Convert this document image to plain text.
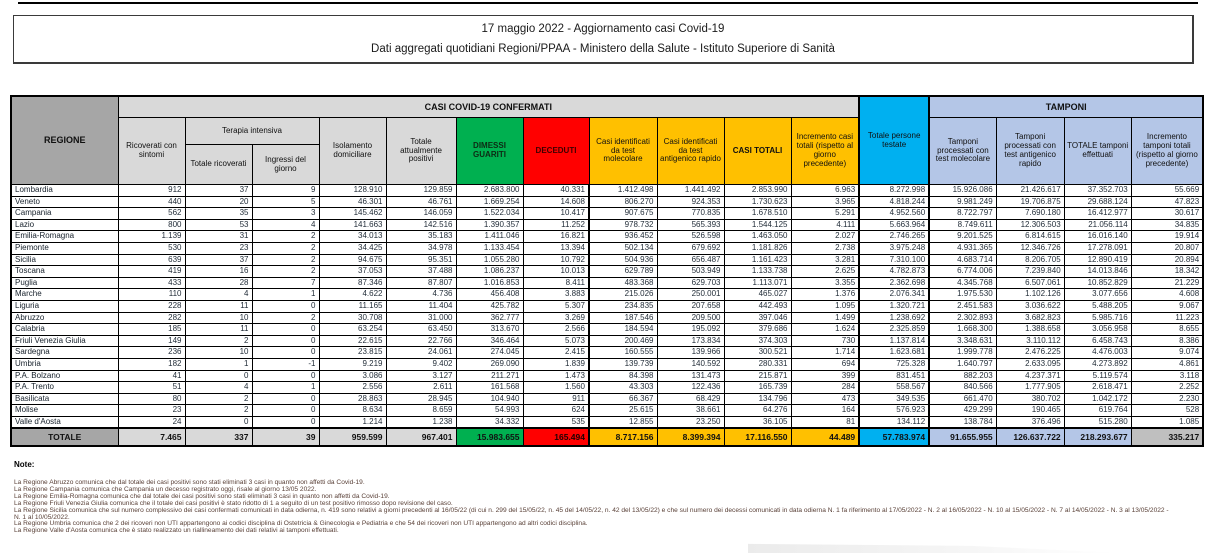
17 maggio 2022 - Aggiornamento casi Covid-19
Dati aggregati quotidiani Regioni/PPAA - Ministero della Salute - Istituto Superiore di Sanità
REGIONE	CASI COVID-19 CONFERMATI											Totale persone testate	TAMPONI			
	Ricoverati con sintomi	Terapia intensiva		Isolamento domiciliare	Totale attualmente positivi	DIMESSI GUARITI	DECEDUTI	Casi identificati da test molecolare	Casi identificati da test antigenico rapido	CASI TOTALI	Incremento casi totali (rispetto al giorno precedente)		Tamponi processati con test molecolare	Tamponi processati con test antigenico rapido	TOTALE tamponi effettuati	Incremento tamponi totali (rispetto al giorno precedente)
		Totale ricoverati	Ingressi del giorno													
Lombardia	912	37	9	128.910	129.859	2.683.800	40.331	1.412.498	1.441.492	2.853.990	6.963	8.272.998	15.926.086	21.426.617	37.352.703	55.669
Veneto	440	20	5	46.301	46.761	1.669.254	14.608	806.270	924.353	1.730.623	3.965	4.818.244	9.981.249	19.706.875	29.688.124	47.823
Campania	562	35	3	145.462	146.059	1.522.034	10.417	907.675	770.835	1.678.510	5.291	4.952.560	8.722.797	7.690.180	16.412.977	30.617
Lazio	800	53	4	141.663	142.516	1.390.357	11.252	978.732	565.393	1.544.125	4.111	5.663.964	8.749.611	12.306.503	21.056.114	34.835
Emilia-Romagna	1.139	31	2	34.013	35.183	1.411.046	16.821	936.452	526.598	1.463.050	2.027	2.746.265	9.201.525	6.814.615	16.016.140	19.914
Piemonte	530	23	2	34.425	34.978	1.133.454	13.394	502.134	679.692	1.181.826	2.738	3.975.248	4.931.365	12.346.726	17.278.091	20.807
Sicilia	639	37	2	94.675	95.351	1.055.280	10.792	504.936	656.487	1.161.423	3.281	7.310.100	4.683.714	8.206.705	12.890.419	20.894
Toscana	419	16	2	37.053	37.488	1.086.237	10.013	629.789	503.949	1.133.738	2.625	4.782.873	6.774.006	7.239.840	14.013.846	18.342
Puglia	433	28	7	87.346	87.807	1.016.853	8.411	483.368	629.703	1.113.071	3.355	2.362.698	4.345.768	6.507.061	10.852.829	21.229
Marche	110	4	1	4.622	4.736	456.408	3.883	215.026	250.001	465.027	1.376	2.076.341	1.975.530	1.102.126	3.077.656	4.608
Liguria	228	11	0	11.165	11.404	425.782	5.307	234.835	207.658	442.493	1.095	1.320.721	2.451.583	3.036.622	5.488.205	9.067
Abruzzo	282	10	2	30.708	31.000	362.777	3.269	187.546	209.500	397.046	1.499	1.238.692	2.302.893	3.682.823	5.985.716	11.223
Calabria	185	11	0	63.254	63.450	313.670	2.566	184.594	195.092	379.686	1.624	2.325.859	1.668.300	1.388.658	3.056.958	8.655
Friuli Venezia Giulia	149	2	0	22.615	22.766	346.464	5.073	200.469	173.834	374.303	730	1.137.814	3.348.631	3.110.112	6.458.743	8.386
Sardegna	236	10	0	23.815	24.061	274.045	2.415	160.555	139.966	300.521	1.714	1.623.681	1.999.778	2.476.225	4.476.003	9.074
Umbria	182	1	-1	9.219	9.402	269.090	1.839	139.739	140.592	280.331	694	725.328	1.640.797	2.633.095	4.273.892	4.861
P.A. Bolzano	41	0	0	3.086	3.127	211.271	1.473	84.398	131.473	215.871	399	831.451	882.203	4.237.371	5.119.574	3.118
P.A. Trento	51	4	1	2.556	2.611	161.568	1.560	43.303	122.436	165.739	284	558.567	840.566	1.777.905	2.618.471	2.252
Basilicata	80	2	0	28.863	28.945	104.940	911	66.367	68.429	134.796	473	349.535	661.470	380.702	1.042.172	2.230
Molise	23	2	0	8.634	8.659	54.993	624	25.615	38.661	64.276	164	576.923	429.299	190.465	619.764	528
Valle d'Aosta	24	0	0	1.214	1.238	34.332	535	12.855	23.250	36.105	81	134.112	138.784	376.496	515.280	1.085
TOTALE	7.465	337	39	959.599	967.401	15.983.655	165.494	8.717.156	8.399.394	17.116.550	44.489	57.783.974	91.655.955	126.637.722	218.293.677	335.217
Note:
La Regione Abruzzo comunica che dal totale dei casi positivi sono stati eliminati 3 casi in quanto non affetti da Covid-19.
La Regione Campania comunica che Campania un decesso registrato oggi, risale al giorno 13/05 2022.
La Regione Emilia-Romagna comunica che dal totale dei casi positivi sono stati eliminati 3 casi in quanto non affetti da Covid-19.
La Regione Friuli Venezia Giulia comunica che il totale dei casi positivi è stato ridotto di 1 a seguito di un test positivo rimosso dopo revisione del caso.
La Regione Sicilia comunica che sul numero complessivo dei casi confermati comunicati in data odierna, n. 419 sono relativi a giorni precedenti al 16/05/22 (di cui n. 299 del 15/05/22, n. 45 del 14/05/22, n. 42 del 13/05/22) e che sul numero dei decessi comunicati in data odierna N. 1 fa riferimento al 17/05/2022 - N. 2 al 16/05/2022 - N. 10 al 15/05/2022 - N. 7 al 14/05/2022 - N. 3 al 13/05/2022 -
N. 1 al 10/05/2022.
La Regione Umbria comunica che 2 dei ricoveri non UTI appartengono ai codici disciplina di Ostetricia & Ginecologia e Pediatria e che 54 dei ricoveri non UTI appartengono ad altri codici disciplina.
La Regione Valle d'Aosta comunica che è stato realizzato un riallineamento dei dati relativi ai tamponi effettuati.
